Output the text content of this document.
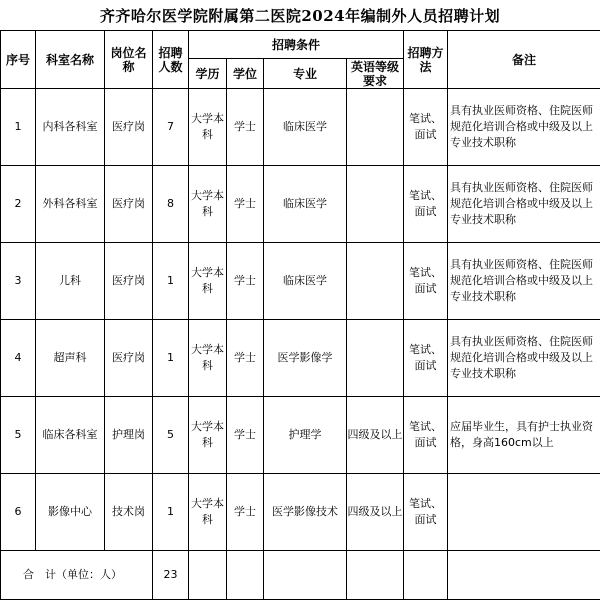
齐齐哈尔医学院附属第二医院2024年编制外人员招聘计划
序号	科室名称	岗位名称	招聘人数	招聘条件				招聘方法	备注
				学历	学位	专业	英语等级要求		
1	内科各科室	医疗岗	7	大学本科	学士	临床医学		笔试、面试	具有执业医师资格、住院医师规范化培训合格或中级及以上专业技术职称
2	外科各科室	医疗岗	8	大学本科	学士	临床医学		笔试、面试	具有执业医师资格、住院医师规范化培训合格或中级及以上专业技术职称
3	儿科	医疗岗	1	大学本科	学士	临床医学		笔试、面试	具有执业医师资格、住院医师规范化培训合格或中级及以上专业技术职称
4	超声科	医疗岗	1	大学本科	学士	医学影像学		笔试、面试	具有执业医师资格、住院医师规范化培训合格或中级及以上专业技术职称
5	临床各科室	护理岗	5	大学本科	学士	护理学	四级及以上	笔试、面试	应届毕业生，具有护士执业资格，身高160cm以上
6	影像中心	技术岗	1	大学本科	学士	医学影像技术	四级及以上	笔试、面试	
合　计（单位：人）			23						
